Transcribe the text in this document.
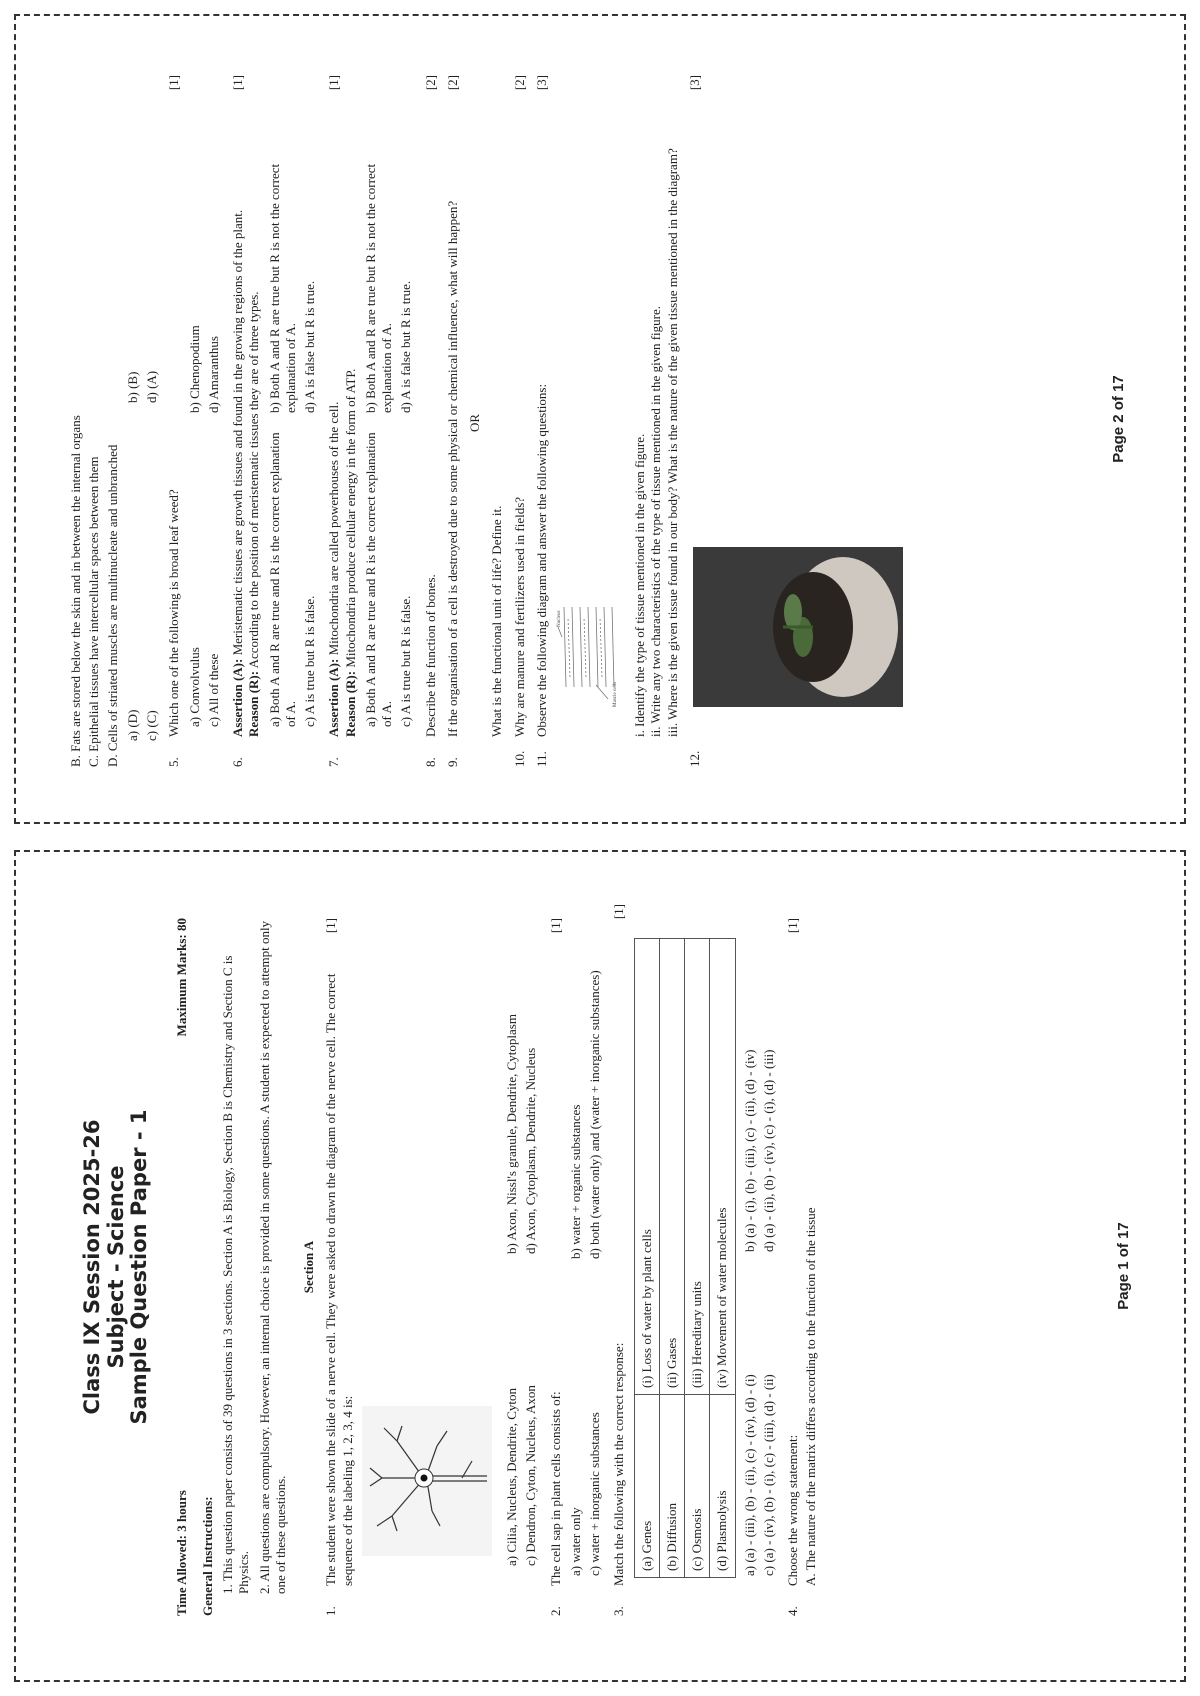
B. Fats are stored below the skin and in between the internal organs C. Epithelial tissues have intercellular spaces between them D. Cells of striated muscles are multinucleate and unbranched a) (D)
b) (B)
c) (C)
d) (A)
5.
Which one of the following is broad leaf weed? a) Convolvulus
b) Chenopodium
c) All of these
d) Amaranthus
[1]
6.
Assertion (A): Meristematic tissues are growth tissues and found in the growing regions of the plant.
Reason (R): According to the position of meristematic tissues they are of three types. a) Both A and R are true and R is the correct explanation of A.
b) Both A and R are true but R is not the correct explanation of A.
c) A is true but R is false.
d) A is false but R is true.
[1]
7.
Assertion (A): Mitochondria are called powerhouses of the cell.
Reason (R): Mitochondria produce cellular energy in the form of ATP. a) Both A and R are true and R is the correct explanation of A.
b) Both A and R are true but R is not the correct explanation of A.
c) A is true but R is false.
d) A is false but R is true.
[1]
8.
Describe the function of bones.
[2]
9.
If the organisation of a cell is destroyed due to some physical or chemical influence, what will happen? OR
What is the functional unit of life? Define it.
[2]
10.
Why are manure and fertilizers used in fields?
[2]
11.
Observe the following diagram and answer the following questions: Nucleus
Muscle cells i. Identify the type of tissue mentioned in the given figure. ii. Write any two characteristics of the type of tissue mentioned in the given figure. iii. Where is the given tissue found in our body? What is the nature of the given tissue mentioned in the diagram?
[3]
12.
[3]
Page 2 of 17
Class IX Session 2025-26 Subject - Science Sample Question Paper - 1
Time Allowed: 3 hours
Maximum Marks: 80
General Instructions: 1. This question paper consists of 39 questions in 3 sections. Section A is Biology, Section B is Chemistry and Section C is Physics. 2. All questions are compulsory. However, an internal choice is provided in some questions. A student is expected to attempt only one of these questions.
Section A
1.
The student were shown the slide of a nerve cell. They were asked to drawn the diagram of the nerve cell. The correct sequence of the labeling 1, 2, 3, 4 is:	a) Cilia, Nucleus, Dendrite, Cyton
b) Axon, Nissl's granule, Dendrite, Cytoplasm
c) Dendron, Cyton, Nucleus, Axon
d) Axon, Cytoplasm, Dendrite, Nucleus
[1]
2.
The cell sap in plant cells consists of: a) water only
b) water + organic substances
c) water + inorganic substances
d) both (water only) and (water + inorganic substances)
[1]
3.
Match the following with the correct response: (a) Genes	(i) Loss of water by plant cells
(b) Diffusion	(ii) Gases
(c) Osmosis	(iii) Hereditary units
(d) Plasmolysis	(iv) Movement of water molecules
a) (a) - (iii), (b) - (ii), (c) - (iv), (d) - (i)
b) (a) - (i), (b) - (iii), (c) - (ii), (d) - (iv)
c) (a) - (iv), (b) - (i), (c) - (iii), (d) - (ii)
d) (a) - (ii), (b) - (iv), (c) - (i), (d) - (iii)
[1]
4.
Choose the wrong statement: A. The nature of the matrix differs according to the function of the tissue
[1]
Page 1 of 17
